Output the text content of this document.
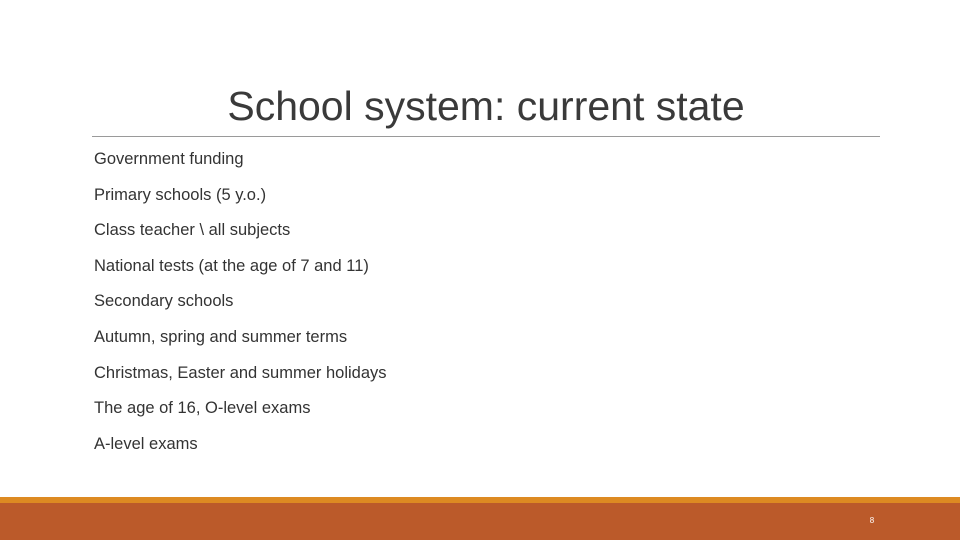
School system: current state
Government funding
Primary schools (5 y.o.)
Class teacher \ all subjects
National tests (at the age of 7 and 11)
Secondary schools
Autumn, spring and summer terms
Christmas, Easter and summer holidays
The age of 16, O-level exams
A-level exams
8
